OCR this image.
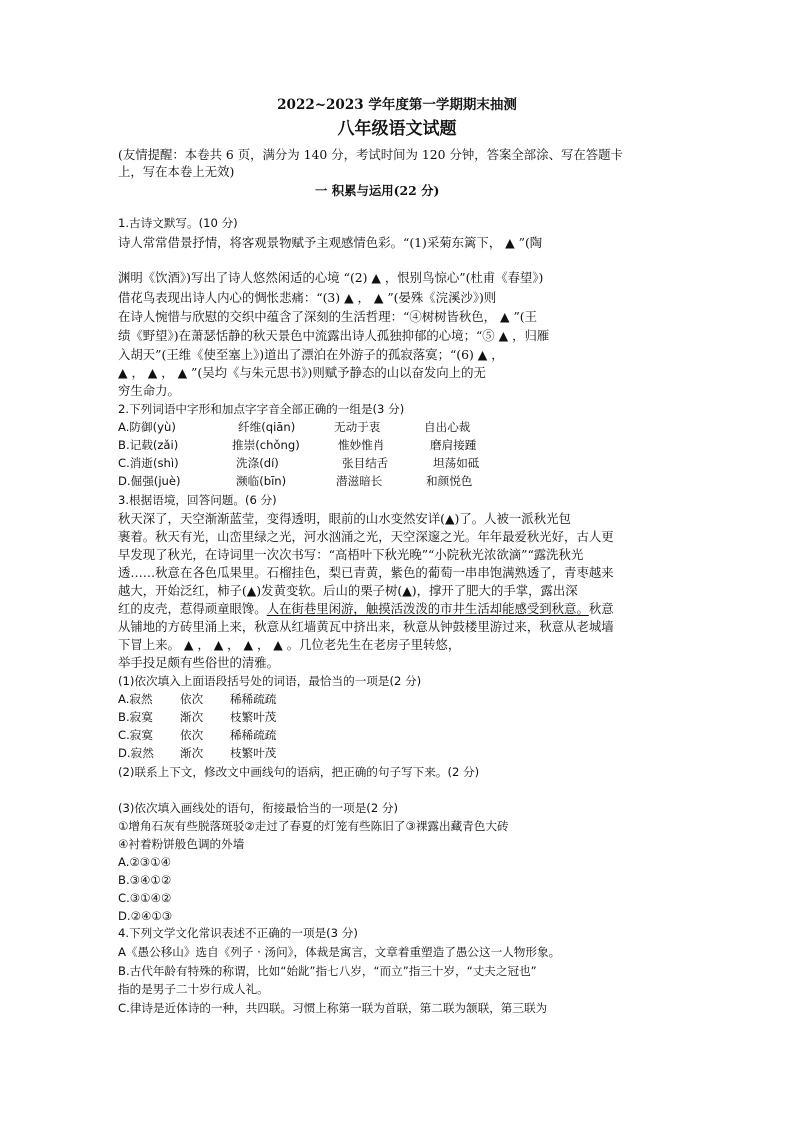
2022~2023 学年度第一学期期末抽测
八年级语文试题
(友情提醒：本卷共 6 页，满分为 140 分，考试时间为 120 分钟，答案全部涂、写在答题卡
上，写在本卷上无效)
一 积累与运用(22 分)
1.古诗文默写。(10 分)
诗人常常借景抒情，将客观景物赋予主观感情色彩。“(1)采菊东篱下， ▲ ”(陶
渊明《饮酒》)写出了诗人悠然闲适的心境 “(2) ▲ ，恨别鸟惊心”(杜甫《春望》)
借花鸟表现出诗人内心的惆怅悲痛：“(3) ▲ ， ▲ ”(晏殊《浣溪沙》)则
在诗人惋惜与欣慰的交织中蕴含了深刻的生活哲理：“④树树皆秋色， ▲ ”(王
绩《野望》)在萧瑟恬静的秋天景色中流露出诗人孤独抑郁的心境；“⑤ ▲ ，归雁
入胡天”(王维《使至塞上》)道出了漂泊在外游子的孤寂落寞；“(6) ▲ ，
▲ ， ▲ ， ▲ ”(吴均《与朱元思书》)则赋予静态的山以奋发向上的无
穷生命力。
2.下列词语中字形和加点字字音全部正确的一组是(3 分)
A.防御(yù)	纤维(qiān)	无动于衷	自出心裁
B.记载(zǎi)	推崇(chǒng)	惟妙惟肖	磨肩接踵
C.消逝(shì)	洗涤(dí)	张目结舌	坦荡如砥
D.倔强(juè)	濒临(bīn)	潜滋暗长	和颜悦色
3.根据语境，回答问题。(6 分)
秋天深了，天空渐渐蓝莹，变得透明，眼前的山水变然安详(▲)了。人被一派秋光包
裹着。秋天有光，山峦里绿之光，河水汹涌之光，天空深邃之光。年年最爱秋光好，古人更
早发现了秋光，在诗词里一次次书写：“高梧叶下秋光晚”“小院秋光浓欲滴”“露洗秋光
透……秋意在各色瓜果里。石榴挂色，梨已青黄，紫色的葡萄一串串饱满熟透了，青枣越来
越大，开始泛红，柿子(▲)发黄变软。后山的栗子树(▲)，撑开了肥大的手掌，露出深
红的皮壳，惹得顽童眼馋。人在街巷里闲游，触摸活泼泼的市井生活却能感受到秋意。秋意
从铺地的方砖里涌上来，秋意从红墙黄瓦中挤出来，秋意从钟鼓楼里游过来，秋意从老城墙
下冒上来。 ▲ ， ▲ ， ▲ ， ▲ 。几位老先生在老房子里转悠，
举手投足颇有些俗世的清雅。
(1)依次填入上面语段括号处的词语，最恰当的一项是(2 分)
A.寂然 依次 稀稀疏疏
B.寂寞 渐次 枝繁叶茂
C.寂寞 依次 稀稀疏疏
D.寂然 渐次 枝繁叶茂
(2)联系上下文，修改文中画线句的语病，把正确的句子写下来。(2 分)
(3)依次填入画线处的语句，衔接最恰当的一项是(2 分)
①增角石灰有些脱落斑驳②走过了春夏的灯笼有些陈旧了③裸露出藏青色大砖
④衬着粉饼般色调的外墙
A.②③①④
B.③④①②
C.③①④②
D.②④①③
4.下列文学文化常识表述不正确的一项是(3 分)
A《愚公移山》选自《列子 · 汤问》，体裁是寓言，文章着重塑造了愚公这一人物形象。
B.古代年龄有特殊的称谓，比如“始龀”指七八岁，“而立”指三十岁，“丈夫之冠也”
指的是男子二十岁行成人礼。
C.律诗是近体诗的一种，共四联。习惯上称第一联为首联，第二联为颔联，第三联为
